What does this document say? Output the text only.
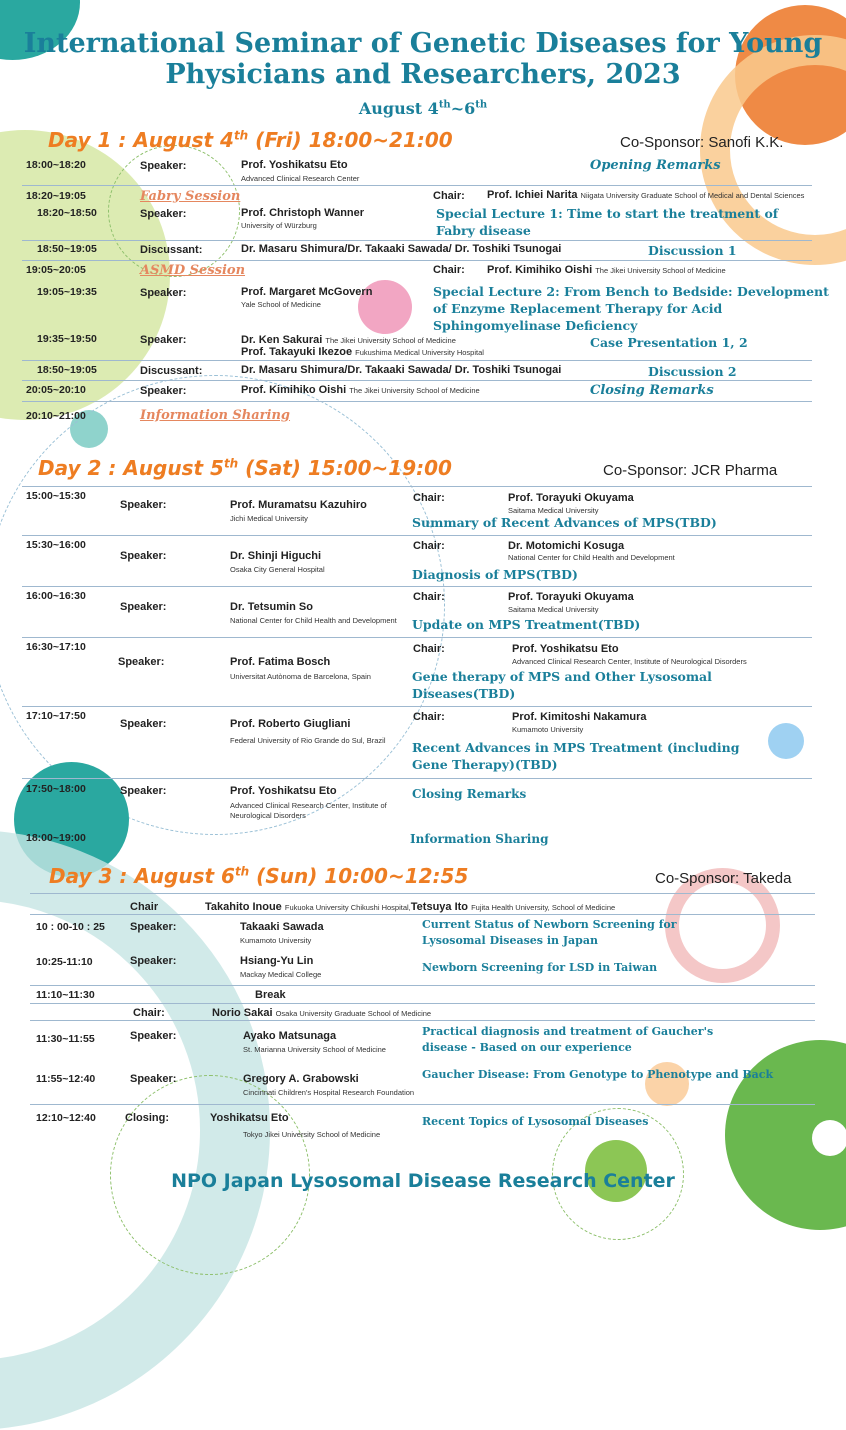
International Seminar of Genetic Diseases for Young Physicians and Researchers, 2023
August 4th~6th
Day 1 : August 4th (Fri) 18:00~21:00	Co-Sponsor: Sanofi K.K.
18:00~18:20	Speaker:	Prof. Yoshikatsu Eto
Advanced Clinical Research Center
Opening Remarks
18:20~19:05	Fabry Session	Chair: Prof. Ichiei Narita Niigata University Graduate School of Medical and Dental Sciences
18:20~18:50	Speaker:	Prof. Christoph Wanner
University of Würzburg
Special Lecture 1: Time to start the treatment of Fabry disease
18:50~19:05	Discussant:	Dr. Masaru Shimura/Dr. Takaaki Sawada/ Dr. Toshiki Tsunogai	Discussion 1
19:05~20:05	ASMD Session	Chair: Prof. Kimihiko Oishi The Jikei University School of Medicine
19:05~19:35	Speaker:	Prof. Margaret McGovern
Yale School of Medicine
Special Lecture 2: From Bench to Bedside: Development of Enzyme Replacement Therapy for Acid Sphingomyelinase Deficiency
19:35~19:50	Speaker:	Dr. Ken Sakurai The Jikei University School of Medicine
Prof. Takayuki Ikezoe Fukushima Medical University Hospital
Case Presentation 1, 2
18:50~19:05	Discussant:	Dr. Masaru Shimura/Dr. Takaaki Sawada/ Dr. Toshiki Tsunogai	Discussion 2
20:05~20:10	Speaker:	Prof. Kimihiko Oishi The Jikei University School of Medicine	Closing Remarks
20:10~21:00	Information Sharing
Day 2 : August 5th (Sat) 15:00~19:00	Co-Sponsor: JCR Pharma
15:00~15:30
Speaker:	Prof. Muramatsu Kazuhiro
Jichi Medical University
Chair:	Prof. Torayuki Okuyama
Saitama Medical University
Summary of Recent Advances of MPS(TBD)
15:30~16:00
Speaker:	Dr. Shinji Higuchi
Osaka City General Hospital
Chair:	Dr. Motomichi Kosuga
National Center for Child Health and Development
Diagnosis of MPS(TBD)
16:00~16:30
Speaker:	Dr. Tetsumin So
National Center for Child Health and Development
Chair:	Prof. Torayuki Okuyama
Saitama Medical University
Update on MPS Treatment(TBD)
16:30~17:10
Speaker:	Prof. Fatima Bosch
Universitat Autònoma de Barcelona, Spain
Chair:	Prof. Yoshikatsu Eto
Advanced Clinical Research Center, Institute of Neurological Disorders
Gene therapy of MPS and Other Lysosomal Diseases(TBD)
17:10~17:50
Speaker:	Prof. Roberto Giugliani
Federal University of Rio Grande do Sul, Brazil
Chair:	Prof. Kimitoshi Nakamura
Kumamoto University
Recent Advances in MPS Treatment (including Gene Therapy)(TBD)
17:50~18:00	Speaker:	Prof. Yoshikatsu Eto
Advanced Clinical Research Center, Institute of Neurological Disorders
Closing Remarks
18:00~19:00	Information Sharing
Day 3 : August 6th (Sun) 10:00~12:55	Co-Sponsor: Takeda
Chair	Takahito Inoue Fukuoka University Chikushi Hospital,Tetsuya Ito Fujita Health University, School of Medicine
10 : 00-10 : 25 Speaker:	Takaaki Sawada
Kumamoto University
Current Status of Newborn Screening for Lysosomal Diseases in Japan
10:25-11:10	Speaker:	Hsiang-Yu Lin
Mackay Medical College
Newborn Screening for LSD in Taiwan
11:10~11:30	Break
Chair:	Norio Sakai Osaka University Graduate School of Medicine
11:30~11:55	Speaker:	Ayako Matsunaga
St. Marianna University School of Medicine
Practical diagnosis and treatment of Gaucher's disease - Based on our experience
11:55~12:40	Speaker:	Gregory A. Grabowski
Cincinnati Children's Hospital Research Foundation
Gaucher Disease: From Genotype to Phenotype and Back
12:10~12:40	Closing:	Yoshikatsu Eto
Tokyo Jikei University School of Medicine
Recent Topics of Lysosomal Diseases
NPO Japan Lysosomal Disease Research Center
